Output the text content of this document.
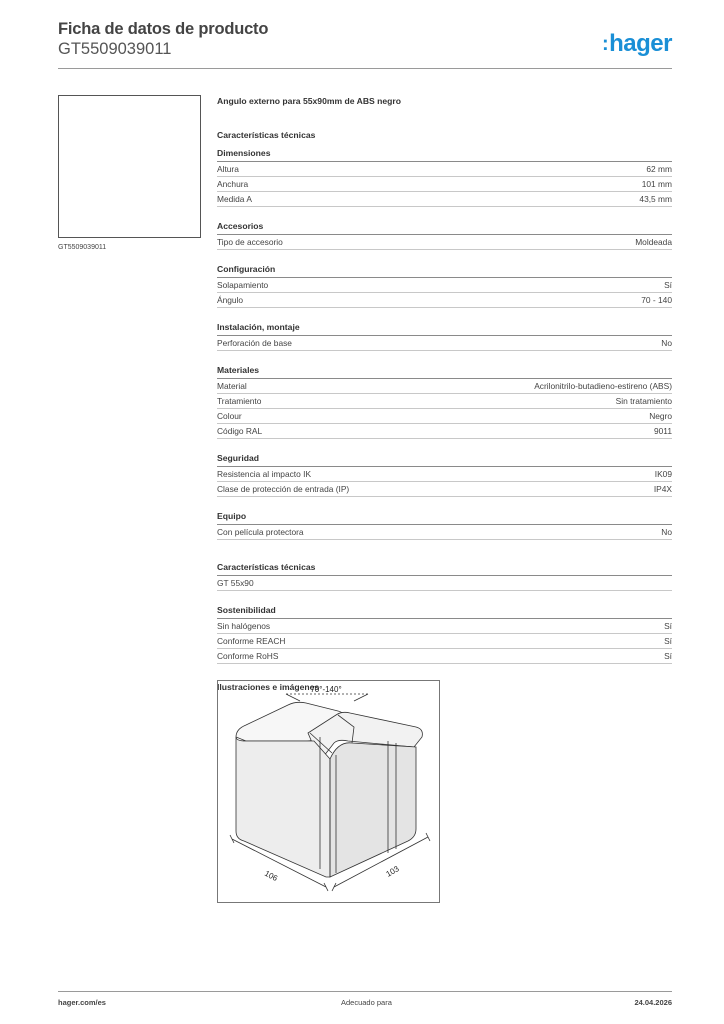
Ficha de datos de producto
GT5509039011	:hager
GT5509039011
Angulo externo para 55x90mm de ABS negro
Características técnicas
Dimensiones
Altura	62 mm
Anchura	101 mm
Medida A	43,5 mm
Accesorios
Tipo de accesorio	Moldeada
Configuración
Solapamiento	Sí
Ángulo	70 - 140
Instalación, montaje
Perforación de base	No
Materiales
Material	Acrilonitrilo-butadieno-estireno (ABS)
Tratamiento	Sin tratamiento
Colour	Negro
Código RAL	9011
Seguridad
Resistencia al impacto IK	IK09
Clase de protección de entrada (IP)	IP4X
Equipo
Con película protectora	No
Características técnicas
GT 55x90
Sostenibilidad
Sin halógenos	Sí
Conforme REACH	Sí
Conforme RoHS	Sí
Ilustraciones e imágenes
70°-140°
106	103
hager.com/es	Adecuado para	24.04.2026
